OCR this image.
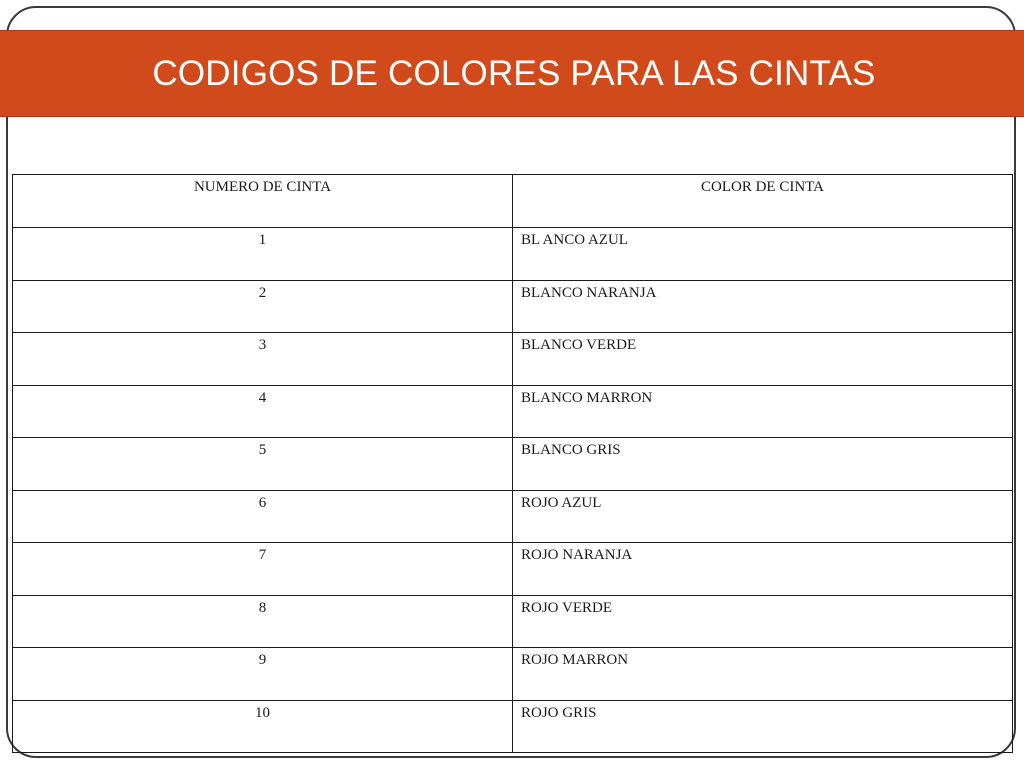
CODIGOS DE COLORES PARA LAS CINTAS
NUMERO DE CINTA	COLOR DE CINTA
1	BL ANCO AZUL
2	BLANCO NARANJA
3	BLANCO VERDE
4	BLANCO MARRON
5	BLANCO GRIS
6	ROJO AZUL
7	ROJO NARANJA
8	ROJO VERDE
9	ROJO MARRON
10	ROJO GRIS
